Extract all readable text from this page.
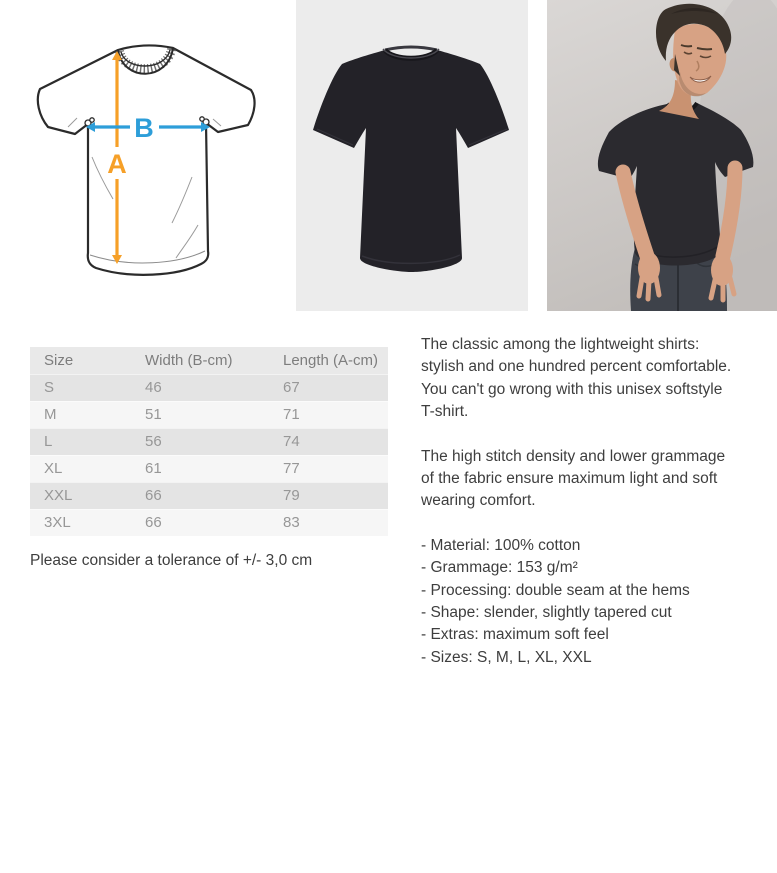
A
B
Size	Width (B-cm)	Length (A-cm)
S	46	67
M	51	71
L	56	74
XL	61	77
XXL	66	79
3XL	66	83
Please consider a tolerance of +/- 3,0 cm
The classic among the lightweight shirts:
stylish and one hundred percent comfortable.
You can't go wrong with this unisex softstyle
T-shirt.
The high stitch density and lower grammage
of the fabric ensure maximum light and soft
wearing comfort.
- Material: 100% cotton
- Grammage: 153 g/m²
- Processing: double seam at the hems
- Shape: slender, slightly tapered cut
- Extras: maximum soft feel
- Sizes: S, M, L, XL, XXL
